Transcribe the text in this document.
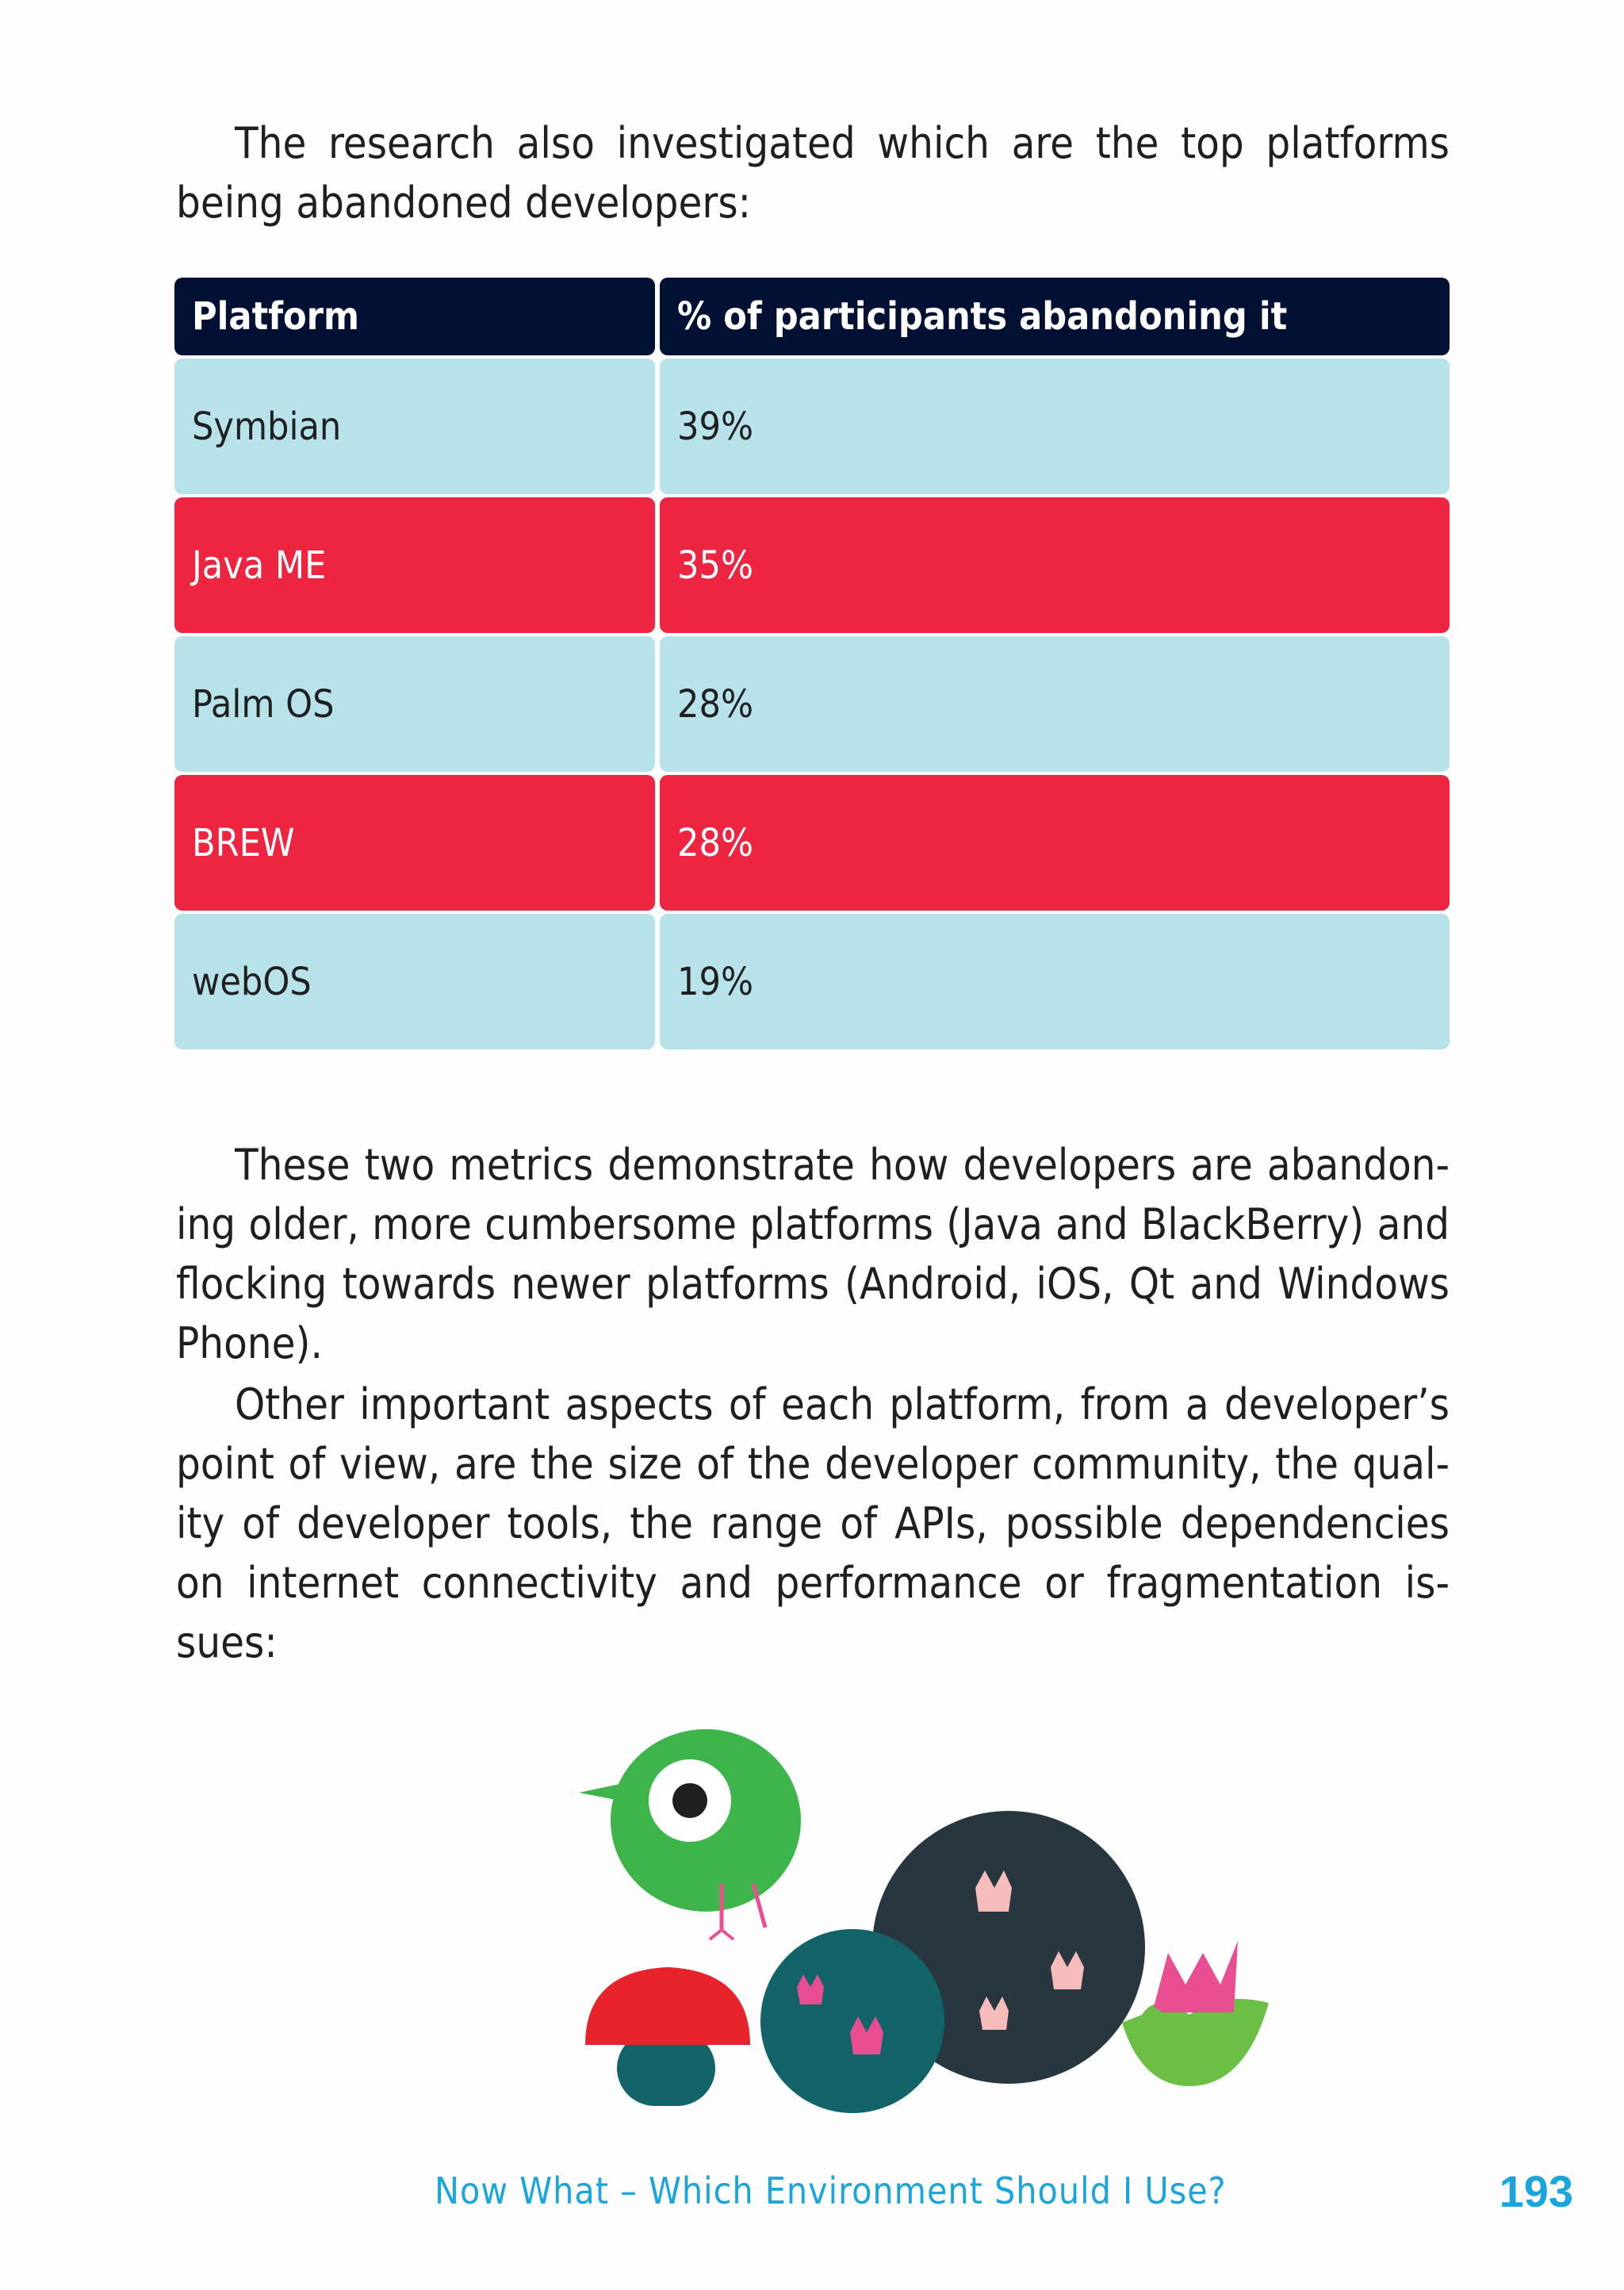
The research also investigated which are the top platforms being abandoned developers:

Platform	% of participants abandoning it
Symbian	39%
Java ME	35%
Palm OS	28%
BREW	28%
webOS	19%

These two metrics demonstrate how developers are abandon-ing older, more cumbersome platforms (Java and BlackBerry) and flocking towards newer platforms (Android, iOS, Qt and Windows Phone).

Other important aspects of each platform, from a developer’s point of view, are the size of the developer community, the qual-ity of developer tools, the range of APIs, possible dependencies on internet connectivity and performance or fragmentation is-sues:

Now What – Which Environment Should I Use?	193
